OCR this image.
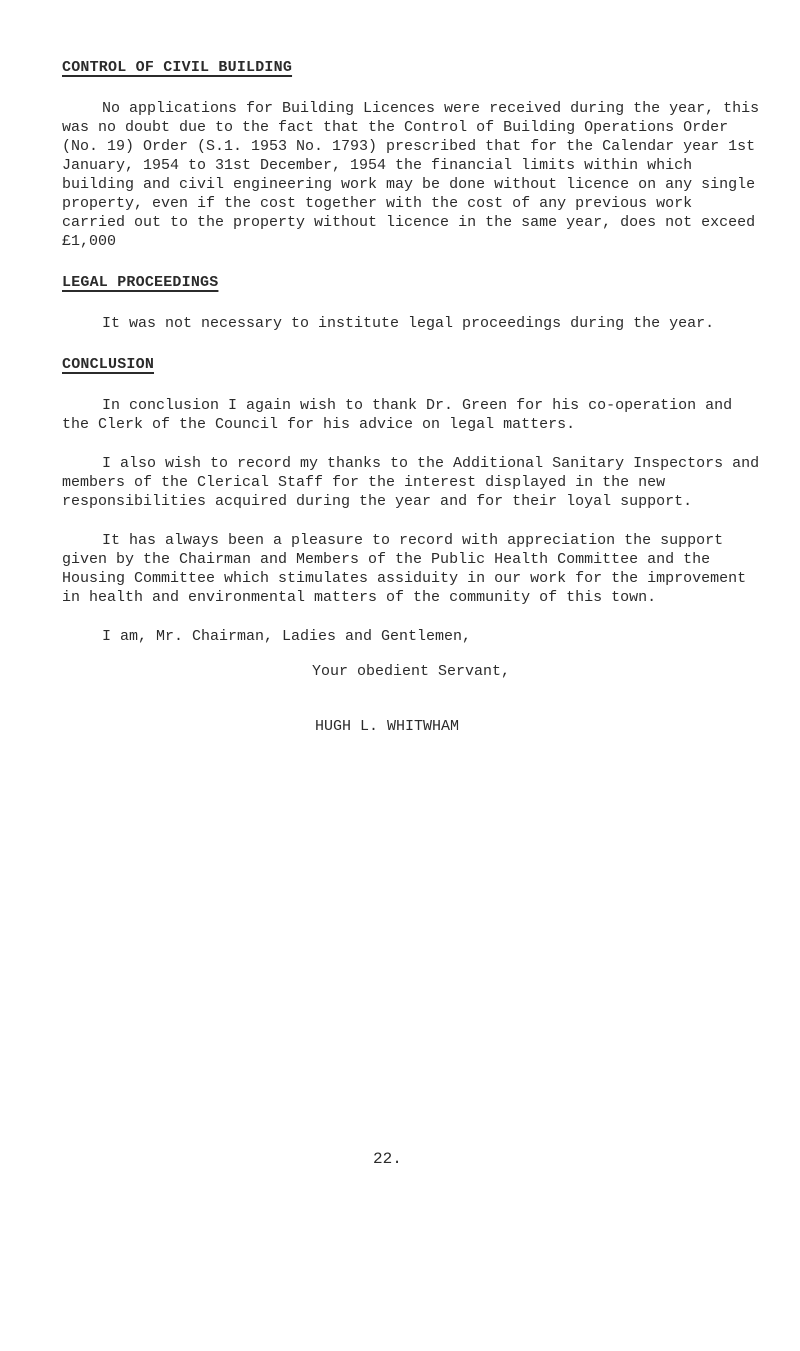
CONTROL OF CIVIL BUILDING

No applications for Building Licences were received during the year, this was no doubt due to the fact that the Control of Building Operations Order (No. 19) Order (S.1. 1953 No. 1793) prescribed that for the Calendar year 1st January, 1954 to 31st December, 1954 the financial limits within which building and civil engineering work may be done without licence on any single property, even if the cost together with the cost of any previous work carried out to the property without licence in the same year, does not exceed £1,000

LEGAL PROCEEDINGS

It was not necessary to institute legal proceedings during the year.

CONCLUSION

In conclusion I again wish to thank Dr. Green for his co-operation and the Clerk of the Council for his advice on legal matters.

I also wish to record my thanks to the Additional Sanitary Inspectors and members of the Clerical Staff for the interest displayed in the new responsibilities acquired during the year and for their loyal support.

It has always been a pleasure to record with appreciation the support given by the Chairman and Members of the Public Health Committee and the Housing Committee which stimulates assiduity in our work for the improvement in health and environmental matters of the community of this town.

I am, Mr. Chairman, Ladies and Gentlemen,

Your obedient Servant,

HUGH L. WHITWHAM

22.
